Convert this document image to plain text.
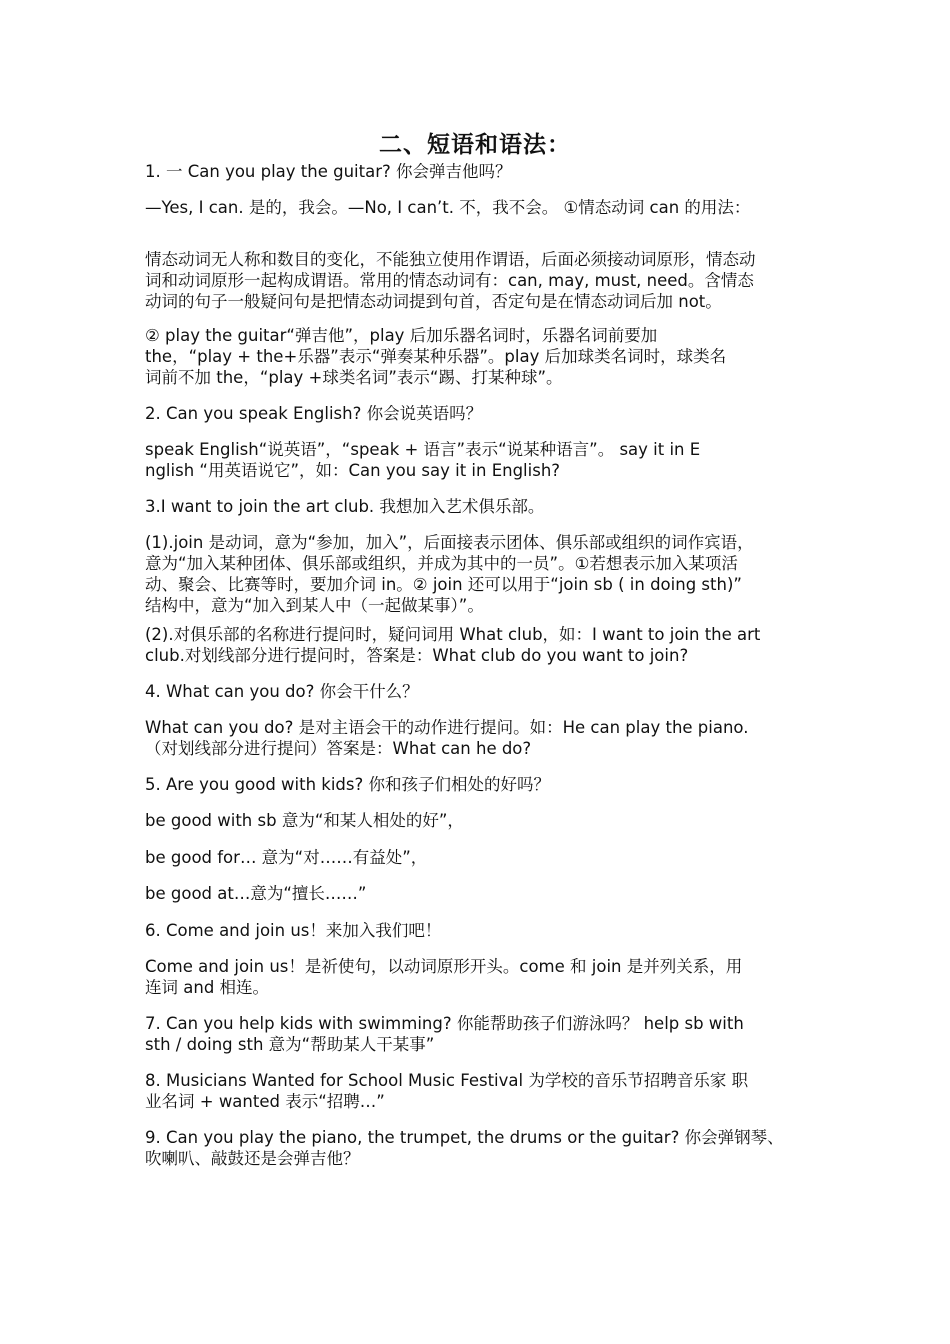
二、短语和语法：

1. 一 Can you play the guitar? 你会弹吉他吗？

—Yes, I can. 是的，我会。—No, I can’t. 不，我不会。 ①情态动词 can 的用法：

情态动词无人称和数目的变化，不能独立使用作谓语，后面必须接动词原形，情态动
词和动词原形一起构成谓语。常用的情态动词有：can, may, must, need。含情态
动词的句子一般疑问句是把情态动词提到句首，否定句是在情态动词后加 not。

② play the guitar“弹吉他”，play 后加乐器名词时，乐器名词前要加
the，“play + the+乐器”表示“弹奏某种乐器”。play 后加球类名词时，球类名
词前不加 the，“play +球类名词”表示“踢、打某种球”。

2. Can you speak English? 你会说英语吗？

speak English“说英语”，“speak + 语言”表示“说某种语言”。 say it in E
nglish “用英语说它”，如：Can you say it in English?

3.I want to join the art club. 我想加入艺术俱乐部。

(1).join 是动词，意为“参加，加入”，后面接表示团体、俱乐部或组织的词作宾语，
意为“加入某种团体、俱乐部或组织，并成为其中的一员”。①若想表示加入某项活
动、聚会、比赛等时，要加介词 in。② join 还可以用于“join sb ( in doing sth)”
结构中，意为“加入到某人中（一起做某事）”。

(2).对俱乐部的名称进行提问时，疑问词用 What club，如：I want to join the art
club.对划线部分进行提问时，答案是：What club do you want to join?

4. What can you do? 你会干什么？

What can you do? 是对主语会干的动作进行提问。如：He can play the piano.
（对划线部分进行提问）答案是：What can he do?

5. Are you good with kids? 你和孩子们相处的好吗？

be good with sb 意为“和某人相处的好”，

be good for… 意为“对……有益处”，

be good at…意为“擅长……”

6. Come and join us！来加入我们吧！

Come and join us！是祈使句，以动词原形开头。come 和 join 是并列关系，用
连词 and 相连。

7. Can you help kids with swimming? 你能帮助孩子们游泳吗？ help sb with
sth / doing sth 意为“帮助某人干某事”

8. Musicians Wanted for School Music Festival 为学校的音乐节招聘音乐家 职
业名词 + wanted 表示“招聘…”

9. Can you play the piano, the trumpet, the drums or the guitar? 你会弹钢琴、
吹喇叭、敲鼓还是会弹吉他？
